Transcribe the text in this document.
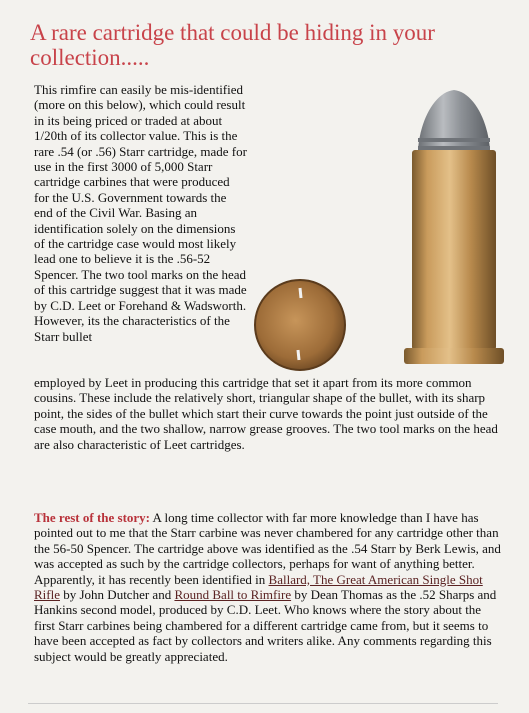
A rare cartridge that could be hiding in your collection.....
This rimfire can easily be mis-identified (more on this below), which could result in its being priced or traded at about 1/20th of its collector value. This is the rare .54 (or .56) Starr cartridge, made for use in the first 3000 of 5,000 Starr cartridge carbines that were produced for the U.S. Government towards the end of the Civil War. Basing an identification solely on the dimensions of the cartridge case would most likely lead one to believe it is the .56-52 Spencer. The two tool marks on the head of this cartridge suggest that it was made by C.D. Leet or Forehand & Wadsworth. However, its the characteristics of the Starr bullet
employed by Leet in producing this cartridge that set it apart from its more common cousins. These include the relatively short, triangular shape of the bullet, with its sharp point, the sides of the bullet which start their curve towards the point just outside of the case mouth, and the two shallow, narrow grease grooves. The two tool marks on the head are also characteristic of Leet cartridges.
The rest of the story: A long time collector with far more knowledge than I have has pointed out to me that the Starr carbine was never chambered for any cartridge other than the 56-50 Spencer. The cartridge above was identified as the .54 Starr by Berk Lewis, and was accepted as such by the cartridge collectors, perhaps for want of anything better. Apparently, it has recently been identified in Ballard, The Great American Single Shot Rifle by John Dutcher and Round Ball to Rimfire by Dean Thomas as the .52 Sharps and Hankins second model, produced by C.D. Leet. Who knows where the story about the first Starr carbines being chambered for a different cartridge came from, but it seems to have been accepted as fact by collectors and writers alike. Any comments regarding this subject would be greatly appreciated.
